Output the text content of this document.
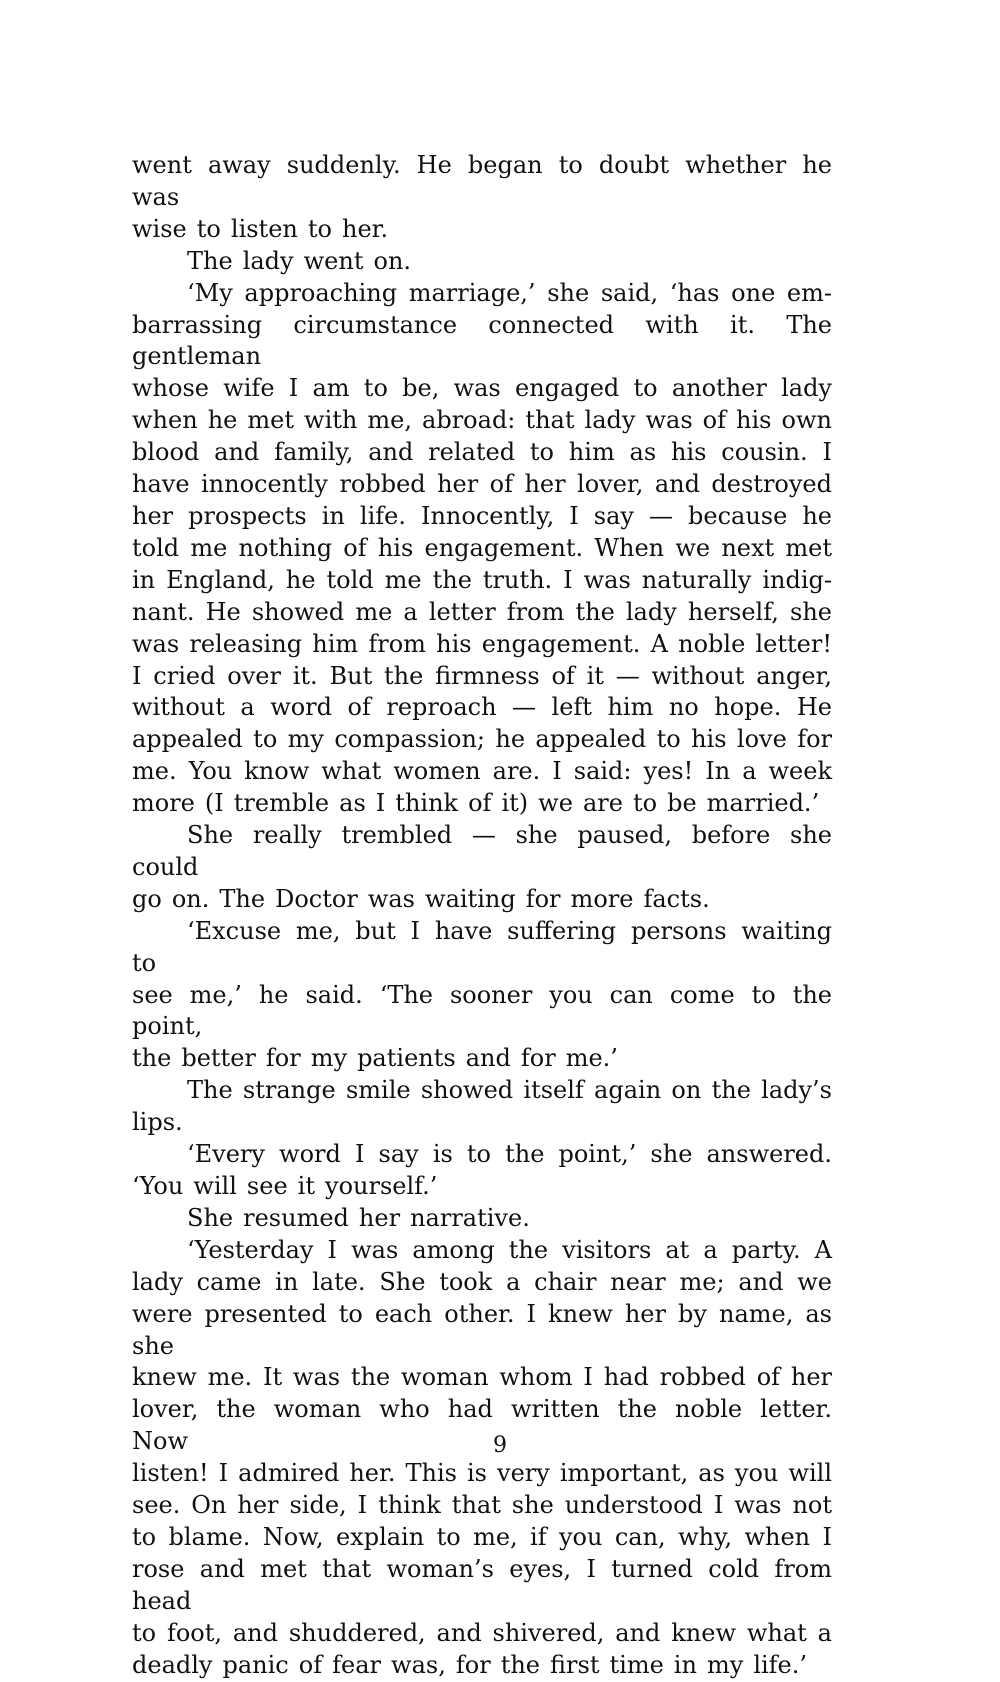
went away suddenly. He began to doubt whether he was

wise to listen to her.

The lady went on.

‘My approaching marriage,’ she said, ‘has one em-

barrassing circumstance connected with it. The gentleman

whose wife I am to be, was engaged to another lady

when he met with me, abroad: that lady was of his own

blood and family, and related to him as his cousin. I

have innocently robbed her of her lover, and destroyed

her prospects in life. Innocently, I say — because he

told me nothing of his engagement. When we next met

in England, he told me the truth. I was naturally indig-

nant. He showed me a letter from the lady herself, she

was releasing him from his engagement. A noble letter!

I cried over it. But the firmness of it — without anger,

without a word of reproach — left him no hope. He

appealed to my compassion; he appealed to his love for

me. You know what women are. I said: yes! In a week

more (I tremble as I think of it) we are to be married.’

She really trembled — she paused, before she could

go on. The Doctor was waiting for more facts.

‘Excuse me, but I have suffering persons waiting to

see me,’ he said. ‘The sooner you can come to the point,

the better for my patients and for me.’

The strange smile showed itself again on the lady’s lips.

‘Every word I say is to the point,’ she answered.

‘You will see it yourself.’

She resumed her narrative.

‘Yesterday I was among the visitors at a party. A

lady came in late. She took a chair near me; and we

were presented to each other. I knew her by name, as she

knew me. It was the woman whom I had robbed of her

lover, the woman who had written the noble letter. Now

listen! I admired her. This is very important, as you will

see. On her side, I think that she understood I was not

to blame. Now, explain to me, if you can, why, when I

rose and met that woman’s eyes, I turned cold from head

to foot, and shuddered, and shivered, and knew what a

deadly panic of fear was, for the first time in my life.’

9
